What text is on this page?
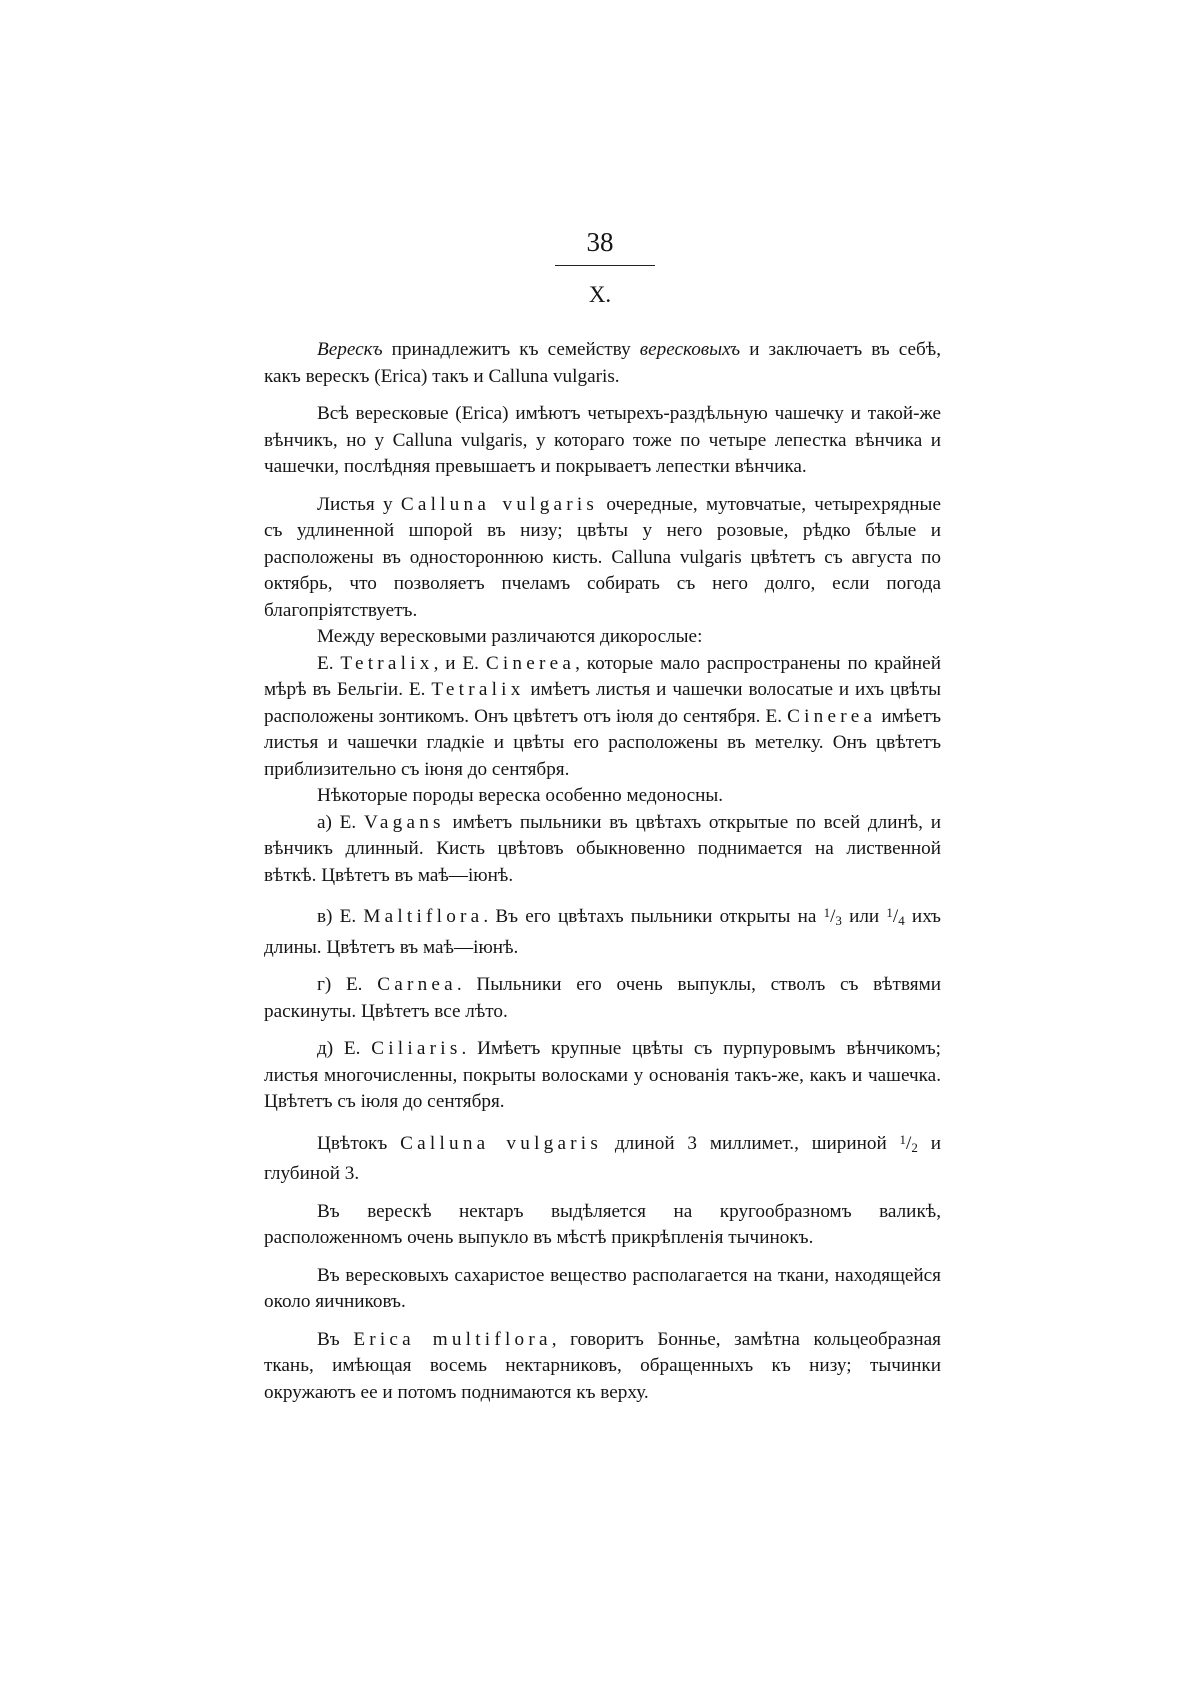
38
X.

Верескъ принадлежитъ къ семейству вересковыхъ и заключаетъ въ себѣ, какъ верескъ (Erica) такъ и Calluna vulgaris.

Всѣ вересковые (Erica) имѣютъ четырехъ-раздѣльную чашечку и такой-же вѣнчикъ, но у Calluna vulgaris, у котораго тоже по четыре лепестка вѣнчика и чашечки, послѣдняя превышаетъ и покрываетъ лепестки вѣнчика.

Листья у Calluna vulgaris очередные, мутовчатые, четырехрядные съ удлиненной шпорой въ низу; цвѣты у него розовые, рѣдко бѣлые и расположены въ одностороннюю кисть. Calluna vulgaris цвѣтетъ съ августа по октябрь, что позволяетъ пчеламъ собирать съ него долго, если погода благопріятствуетъ.

Между вересковыми различаются дикорослые:

E. Tetralix, и E. Cinerea, которые мало распространены по крайней мѣрѣ въ Бельгіи. E. Tetralix имѣетъ листья и чашечки волосатые и ихъ цвѣты расположены зонтикомъ. Онъ цвѣтетъ отъ іюля до сентября. E. Cinerea имѣетъ листья и чашечки гладкіе и цвѣты его расположены въ метелку. Онъ цвѣтетъ приблизительно съ іюня до сентября.

Нѣкоторые породы вереска особенно медоносны.

а) E. Vagans имѣетъ пыльники въ цвѣтахъ открытые по всей длинѣ, и вѣнчикъ длинный. Кисть цвѣтовъ обыкновенно поднимается на лиственной вѣткѣ. Цвѣтетъ въ маѣ—іюнѣ.

в) E. Maltiflora. Въ его цвѣтахъ пыльники открыты на $^1$/3 или $^1$/4 ихъ длины. Цвѣтетъ въ маѣ—іюнѣ.

г) E. Carnea. Пыльники его очень выпуклы, стволъ съ вѣтвями раскинуты. Цвѣтетъ все лѣто.

д) E. Ciliaris. Имѣетъ крупные цвѣты съ пурпуровымъ вѣнчикомъ; листья многочисленны, покрыты волосками у основанія такъ-же, какъ и чашечка. Цвѣтетъ съ іюля до сентября.

Цвѣтокъ Calluna vulgaris длиной 3 миллимет., шириной $^1$/2 и глубиной 3.

Въ верескѣ нектаръ выдѣляется на кругообразномъ валикѣ, расположенномъ очень выпукло въ мѣстѣ прикрѣпленія тычинокъ.

Въ вересковыхъ сахаристое вещество располагается на ткани, находящейся около яичниковъ.

Въ Erica multiflora, говоритъ Боннье, замѣтна кольцеобразная ткань, имѣющая восемь нектарниковъ, обращенныхъ къ низу; тычинки окружаютъ ее и потомъ поднимаются къ верху.
